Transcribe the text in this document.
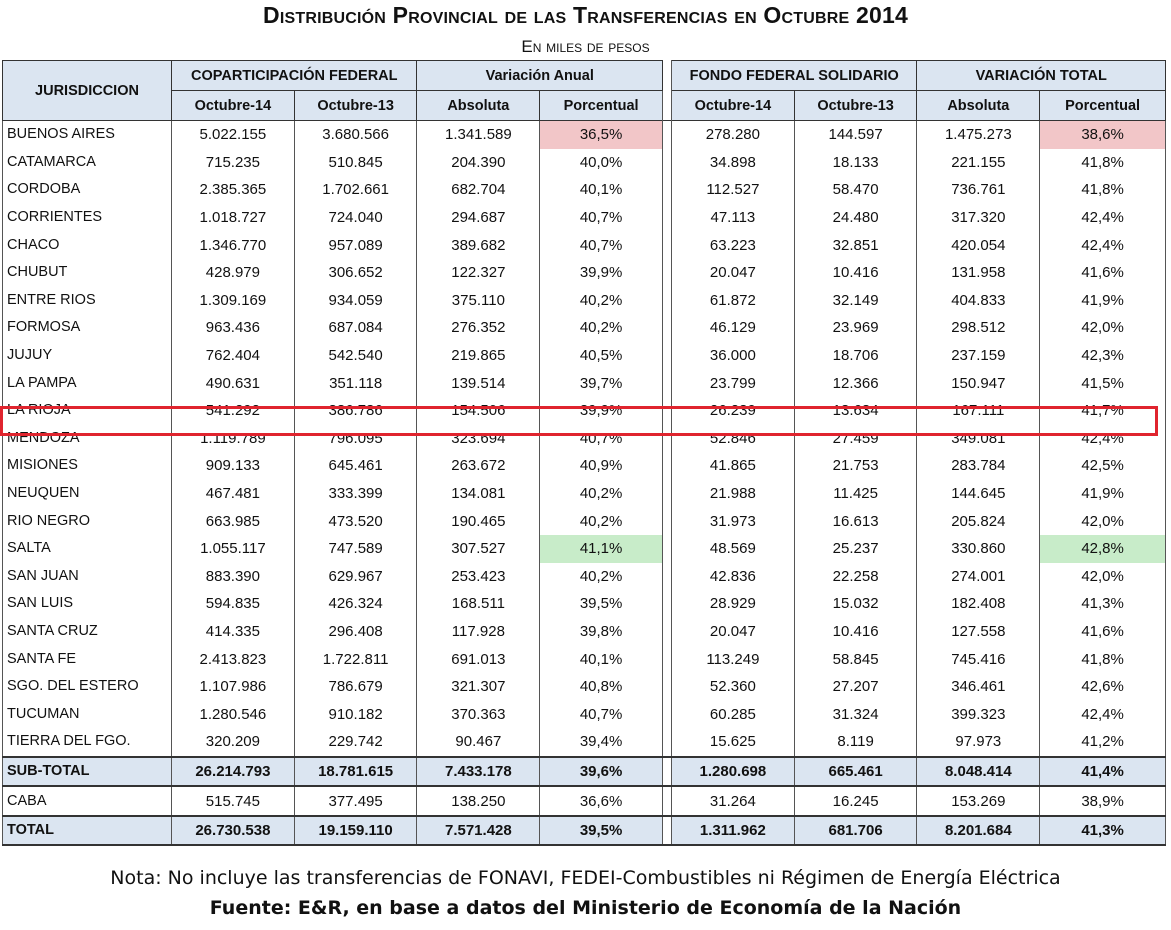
Distribución Provincial de las Transferencias en Octubre 2014
En miles de pesos
JURISDICCION	COPARTICIPACIÓN FEDERAL		Variación Anual			FONDO FEDERAL SOLIDARIO		VARIACIÓN TOTAL	
	Octubre-14	Octubre-13	Absoluta	Porcentual		Octubre-14	Octubre-13	Absoluta	Porcentual
BUENOS AIRES	5.022.155	3.680.566	1.341.589	36,5%		278.280	144.597	1.475.273	38,6%
CATAMARCA	715.235	510.845	204.390	40,0%		34.898	18.133	221.155	41,8%
CORDOBA	2.385.365	1.702.661	682.704	40,1%		112.527	58.470	736.761	41,8%
CORRIENTES	1.018.727	724.040	294.687	40,7%		47.113	24.480	317.320	42,4%
CHACO	1.346.770	957.089	389.682	40,7%		63.223	32.851	420.054	42,4%
CHUBUT	428.979	306.652	122.327	39,9%		20.047	10.416	131.958	41,6%
ENTRE RIOS	1.309.169	934.059	375.110	40,2%		61.872	32.149	404.833	41,9%
FORMOSA	963.436	687.084	276.352	40,2%		46.129	23.969	298.512	42,0%
JUJUY	762.404	542.540	219.865	40,5%		36.000	18.706	237.159	42,3%
LA PAMPA	490.631	351.118	139.514	39,7%		23.799	12.366	150.947	41,5%
LA RIOJA	541.292	386.786	154.506	39,9%		26.239	13.634	167.111	41,7%
MENDOZA	1.119.789	796.095	323.694	40,7%		52.846	27.459	349.081	42,4%
MISIONES	909.133	645.461	263.672	40,9%		41.865	21.753	283.784	42,5%
NEUQUEN	467.481	333.399	134.081	40,2%		21.988	11.425	144.645	41,9%
RIO NEGRO	663.985	473.520	190.465	40,2%		31.973	16.613	205.824	42,0%
SALTA	1.055.117	747.589	307.527	41,1%		48.569	25.237	330.860	42,8%
SAN JUAN	883.390	629.967	253.423	40,2%		42.836	22.258	274.001	42,0%
SAN LUIS	594.835	426.324	168.511	39,5%		28.929	15.032	182.408	41,3%
SANTA CRUZ	414.335	296.408	117.928	39,8%		20.047	10.416	127.558	41,6%
SANTA FE	2.413.823	1.722.811	691.013	40,1%		113.249	58.845	745.416	41,8%
SGO. DEL ESTERO	1.107.986	786.679	321.307	40,8%		52.360	27.207	346.461	42,6%
TUCUMAN	1.280.546	910.182	370.363	40,7%		60.285	31.324	399.323	42,4%
TIERRA DEL FGO.	320.209	229.742	90.467	39,4%		15.625	8.119	97.973	41,2%
SUB-TOTAL	26.214.793	18.781.615	7.433.178	39,6%		1.280.698	665.461	8.048.414	41,4%
CABA	515.745	377.495	138.250	36,6%		31.264	16.245	153.269	38,9%
TOTAL	26.730.538	19.159.110	7.571.428	39,5%		1.311.962	681.706	8.201.684	41,3%
Nota: No incluye las transferencias de FONAVI, FEDEI-Combustibles ni Régimen de Energía Eléctrica
Fuente: E&R, en base a datos del Ministerio de Economía de la Nación
